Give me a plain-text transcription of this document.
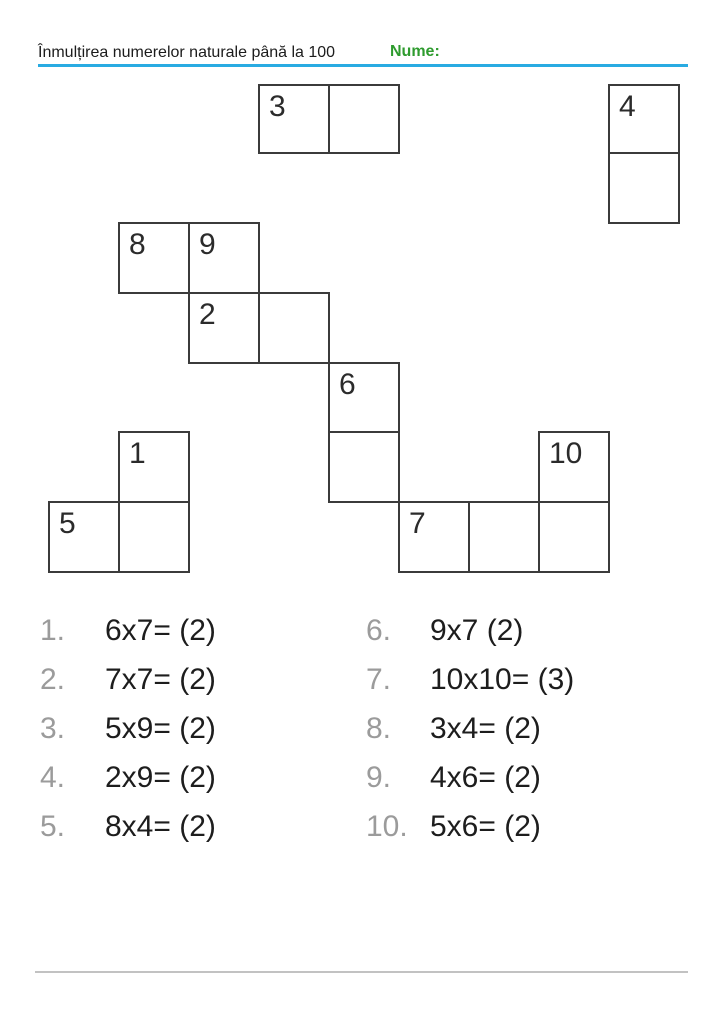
Înmulțirea numerelor naturale până la 100	Nume:
3	4
8	9
2
6
1
5
10
7
1.	6x7= (2)
2.	7x7= (2)
3.	5x9= (2)
4.	2x9= (2)
5.	8x4= (2)
6.	9x7 (2)
7.	10x10= (3)
8.	3x4= (2)
9.	4x6= (2)
10. 5x6= (2)
